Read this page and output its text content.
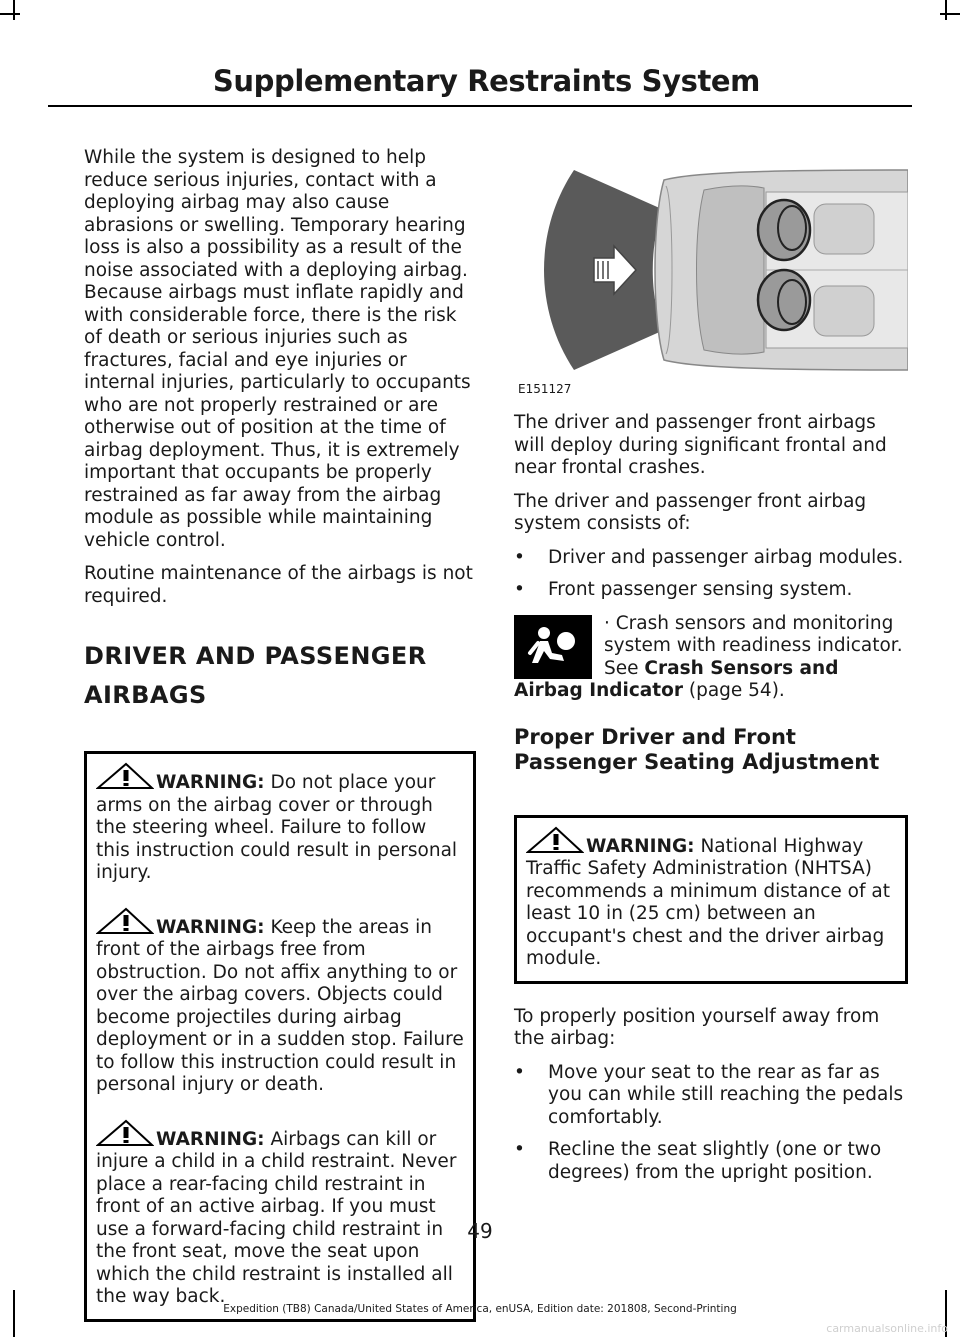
Supplementary Restraints System

While the system is designed to help reduce serious injuries, contact with a deploying airbag may also cause abrasions or swelling. Temporary hearing loss is also a possibility as a result of the noise associated with a deploying airbag. Because airbags must inflate rapidly and with considerable force, there is the risk of death or serious injuries such as fractures, facial and eye injuries or internal injuries, particularly to occupants who are not properly restrained or are otherwise out of position at the time of airbag deployment. Thus, it is extremely important that occupants be properly restrained as far away from the airbag module as possible while maintaining vehicle control.

Routine maintenance of the airbags is not required.

DRIVER AND PASSENGER
AIRBAGS

WARNING: Do not place your arms on the airbag cover or through the steering wheel. Failure to follow this instruction could result in personal injury.

WARNING: Keep the areas in front of the airbags free from obstruction. Do not affix anything to or over the airbag covers. Objects could become projectiles during airbag deployment or in a sudden stop. Failure to follow this instruction could result in personal injury or death.

WARNING: Airbags can kill or injure a child in a child restraint. Never place a rear-facing child restraint in front of an active airbag. If you must use a forward-facing child restraint in the front seat, move the seat upon which the child restraint is installed all the way back.

E151127

The driver and passenger front airbags will deploy during significant frontal and near frontal crashes.

The driver and passenger front airbag system consists of:

• Driver and passenger airbag modules.
• Front passenger sensing system.
· Crash sensors and monitoring system with readiness indicator. See Crash Sensors and Airbag Indicator (page 54).
Proper Driver and Front Passenger Seating Adjustment

WARNING: National Highway Traffic Safety Administration (NHTSA) recommends a minimum distance of at least 10 in (25 cm) between an occupant's chest and the driver airbag module.

To properly position yourself away from the airbag:

• Move your seat to the rear as far as you can while still reaching the pedals comfortably.
• Recline the seat slightly (one or two degrees) from the upright position.
49
Expedition (TB8) Canada/United States of America, enUSA, Edition date: 201808, Second-Printing
carmanualsonline.info
